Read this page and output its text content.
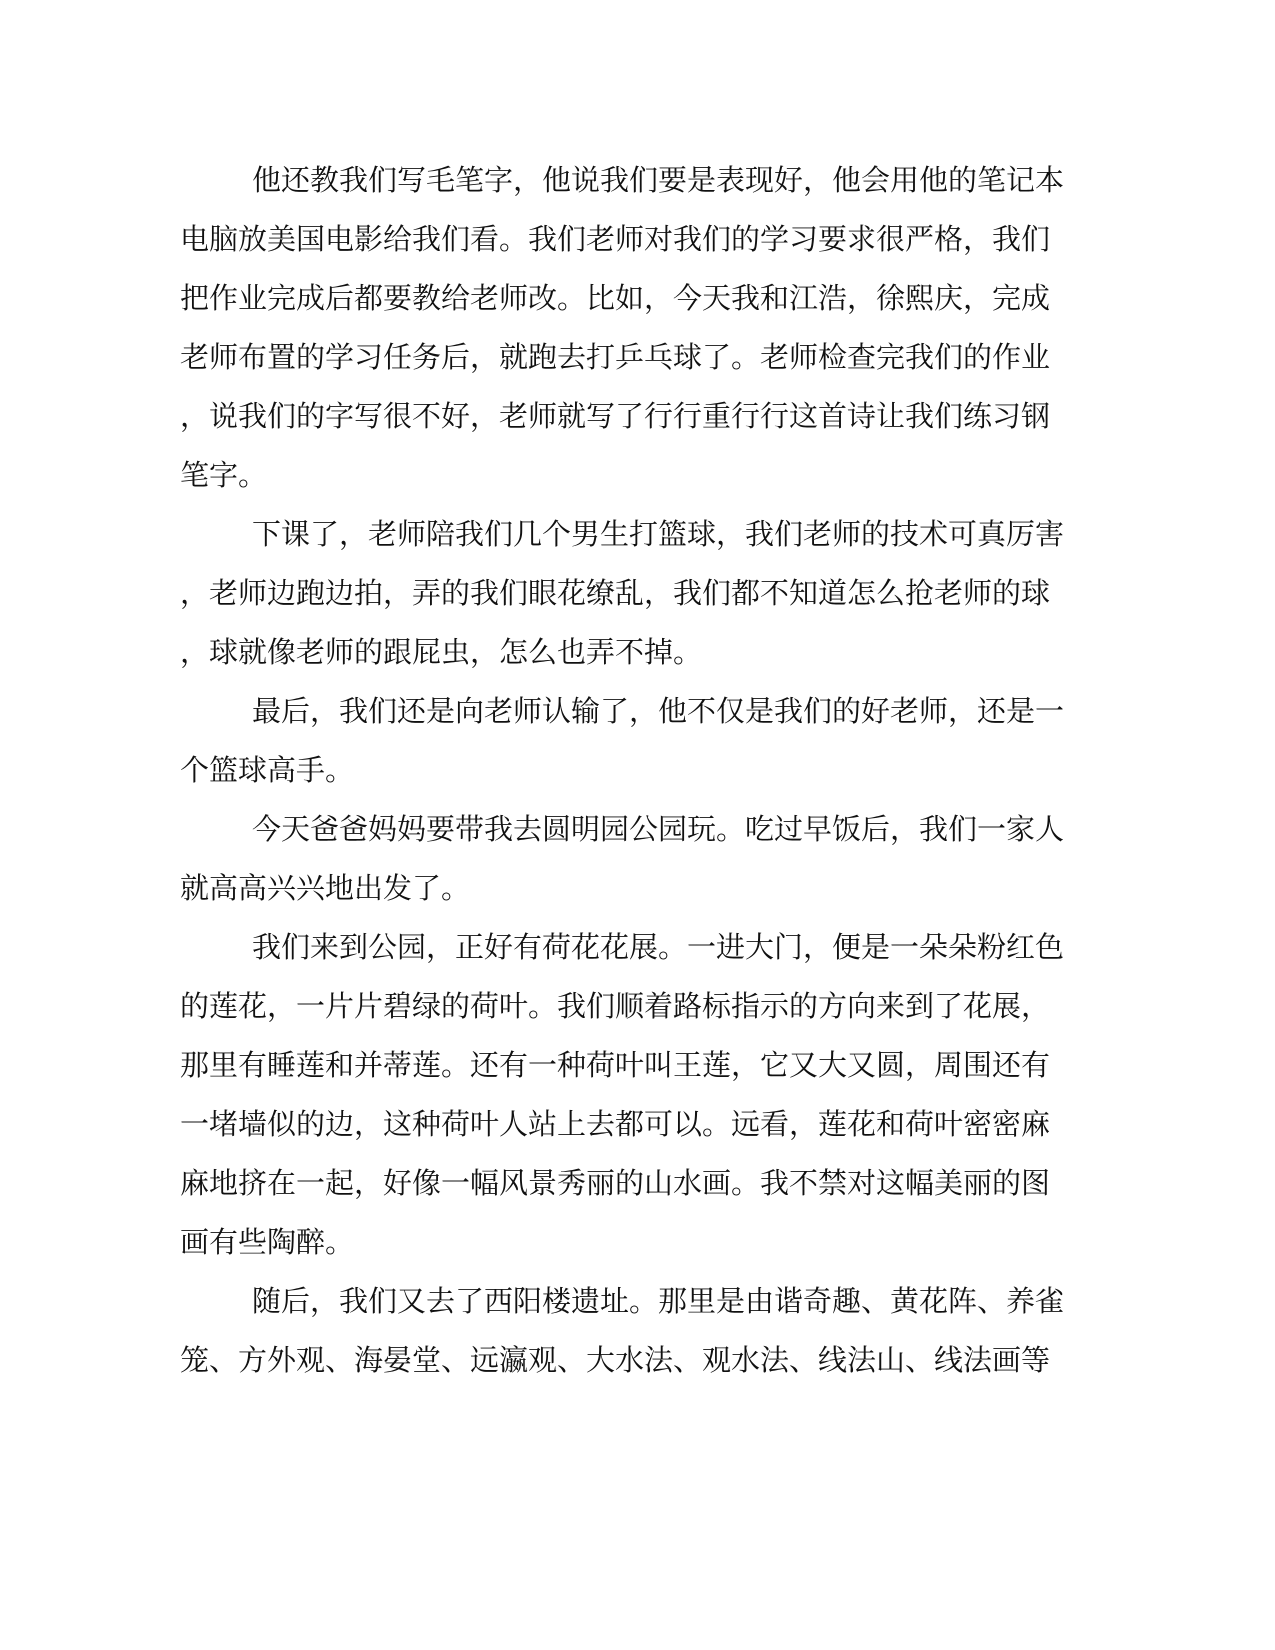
他还教我们写毛笔字，他说我们要是表现好，他会用他的笔记本
电脑放美国电影给我们看。我们老师对我们的学习要求很严格，我们
把作业完成后都要教给老师改。比如，今天我和江浩，徐熙庆，完成
老师布置的学习任务后，就跑去打乒乓球了。老师检查完我们的作业
，说我们的字写很不好，老师就写了行行重行行这首诗让我们练习钢
笔字。
下课了，老师陪我们几个男生打篮球，我们老师的技术可真厉害
，老师边跑边拍，弄的我们眼花缭乱，我们都不知道怎么抢老师的球
，球就像老师的跟屁虫，怎么也弄不掉。
最后，我们还是向老师认输了，他不仅是我们的好老师，还是一
个篮球高手。
今天爸爸妈妈要带我去圆明园公园玩。吃过早饭后，我们一家人
就高高兴兴地出发了。
我们来到公园，正好有荷花花展。一进大门，便是一朵朵粉红色
的莲花，一片片碧绿的荷叶。我们顺着路标指示的方向来到了花展，
那里有睡莲和并蒂莲。还有一种荷叶叫王莲，它又大又圆，周围还有
一堵墙似的边，这种荷叶人站上去都可以。远看，莲花和荷叶密密麻
麻地挤在一起，好像一幅风景秀丽的山水画。我不禁对这幅美丽的图
画有些陶醉。
随后，我们又去了西阳楼遗址。那里是由谐奇趣、黄花阵、养雀
笼、方外观、海晏堂、远瀛观、大水法、观水法、线法山、线法画等
